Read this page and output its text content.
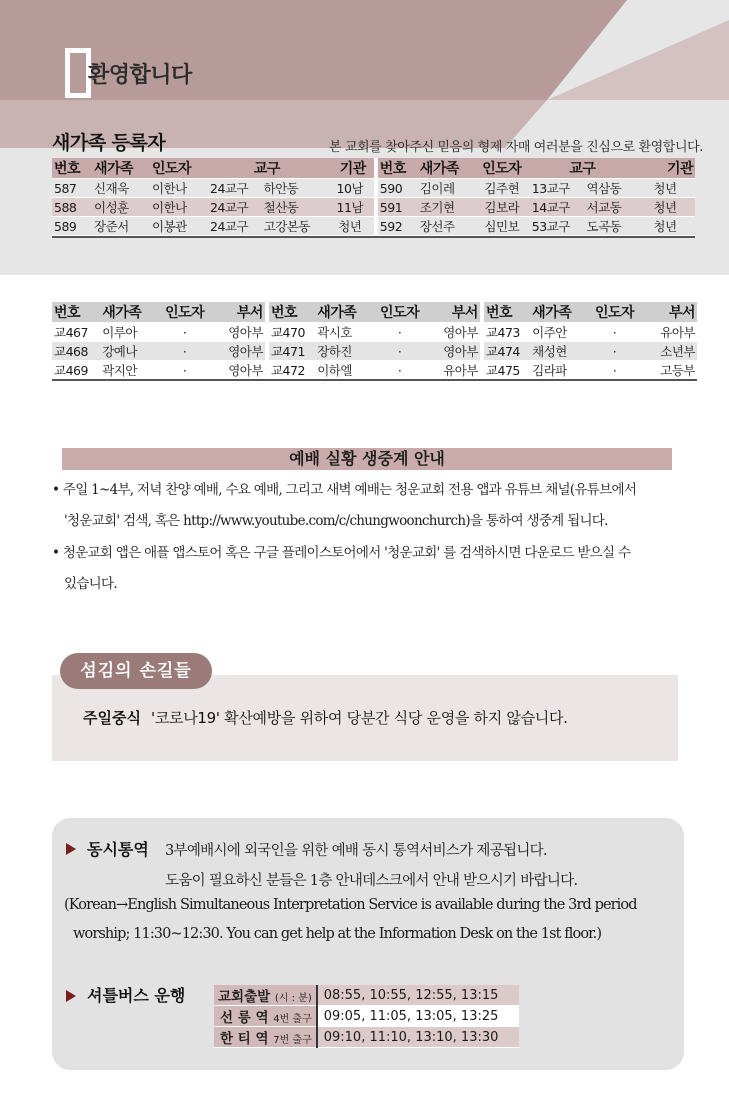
환영합니다
새가족 등록자	본 교회를 찾아주신 믿음의 형제 자매 여러분을 진심으로 환영합니다.
번호	새가족	인도자	교구		기관	번호	새가족	인도자	교구		기관
587	신재욱	이한나	24교구	하안동	10남	590	김이레	김주현	13교구	역삼동	청년
588	이성훈	이한나	24교구	철산동	11남	591	조기현	김보라	14교구	서교동	청년
589	장준서	이봉관	24교구	고강본동	청년	592	장선주	심민보	53교구	도곡동	청년
번호	새가족	인도자	부서	번호	새가족	인도자	부서	번호	새가족	인도자	부서
교467	이루아	·	영아부	교470	곽시호	·	영아부	교473	이주안	·	유아부
교468	강예나	·	영아부	교471	장하진	·	영아부	교474	채성현	·	소년부
교469	곽지안	·	영아부	교472	이하엘	·	유아부	교475	김라파	·	고등부
예배 실황 생중계 안내
• 주일 1~4부, 저녁 찬양 예배, 수요 예배, 그리고 새벽 예배는 청운교회 전용 앱과 유튜브 채널(유튜브에서
'청운교회' 검색, 혹은 http://www.youtube.com/c/chungwoonchurch)을 통하여 생중계 됩니다.
• 청운교회 앱은 애플 앱스토어 혹은 구글 플레이스토어에서 '청운교회' 를 검색하시면 다운로드 받으실 수
있습니다.
섬김의 손길들
주일중식 '코로나19' 확산예방을 위하여 당분간 식당 운영을 하지 않습니다.
동시통역 3부예배시에 외국인을 위한 예배 동시 통역서비스가 제공됩니다.
도움이 필요하신 분들은 1층 안내데스크에서 안내 받으시기 바랍니다.
(Korean→English Simultaneous Interpretation Service is available during the 3rd period
worship; 11:30~12:30. You can get help at the Information Desk on the 1st floor.)
셔틀버스 운행 교회출발 (시 : 분)	08:55, 10:55, 12:55, 13:15
선 릉 역 4번 출구	09:05, 11:05, 13:05, 13:25
한 티 역 7번 출구	09:10, 11:10, 13:10, 13:30
